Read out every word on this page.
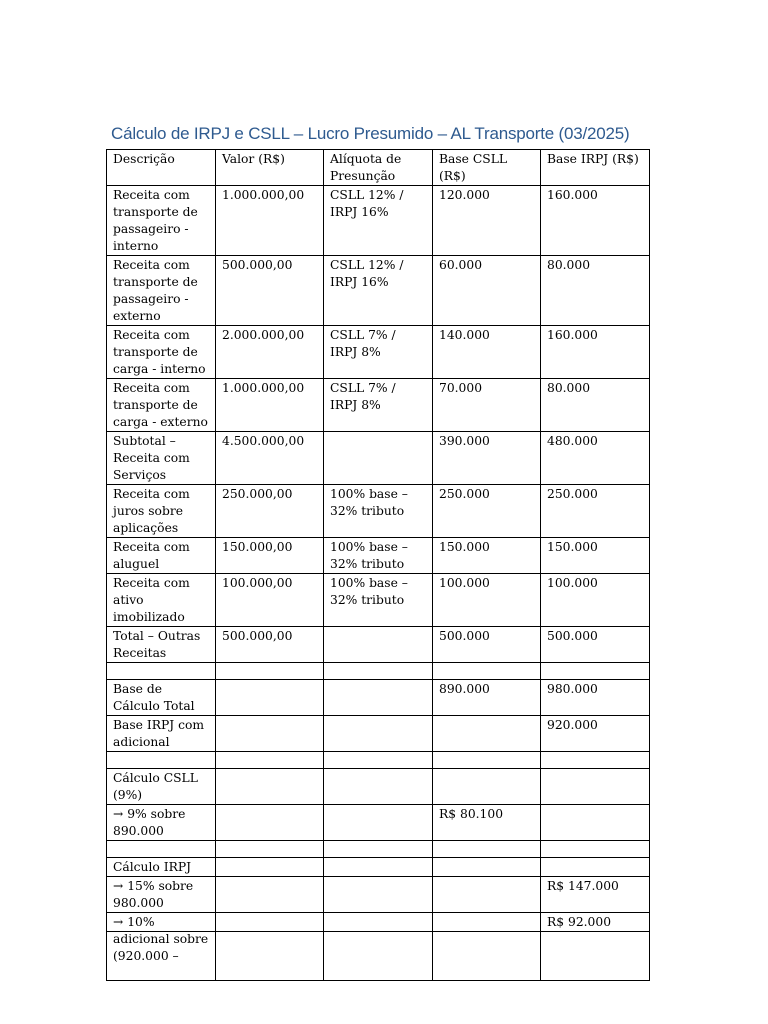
Cálculo de IRPJ e CSLL – Lucro Presumido – AL Transporte (03/2025)
Descrição	Valor (R$)	Alíquota de Presunção	Base CSLL (R$)	Base IRPJ (R$)
Receita com transporte de passageiro - interno	1.000.000,00	CSLL 12% / IRPJ 16%	120.000	160.000
Receita com transporte de passageiro - externo	500.000,00	CSLL 12% / IRPJ 16%	60.000	80.000
Receita com transporte de carga - interno	2.000.000,00	CSLL 7% / IRPJ 8%	140.000	160.000
Receita com transporte de carga - externo	1.000.000,00	CSLL 7% / IRPJ 8%	70.000	80.000
Subtotal – Receita com Serviços	4.500.000,00		390.000	480.000
Receita com juros sobre aplicações	250.000,00	100% base – 32% tributo	250.000	250.000
Receita com aluguel	150.000,00	100% base – 32% tributo	150.000	150.000
Receita com ativo imobilizado	100.000,00	100% base – 32% tributo	100.000	100.000
Total – Outras Receitas	500.000,00		500.000	500.000

Base de Cálculo Total			890.000	980.000
Base IRPJ com adicional				920.000

Cálculo CSLL (9%)				
→ 9% sobre 890.000			R$ 80.100	

Cálculo IRPJ				
→ 15% sobre 980.000				R$ 147.000
→ 10% adicional sobre (920.000 –				R$ 92.000
